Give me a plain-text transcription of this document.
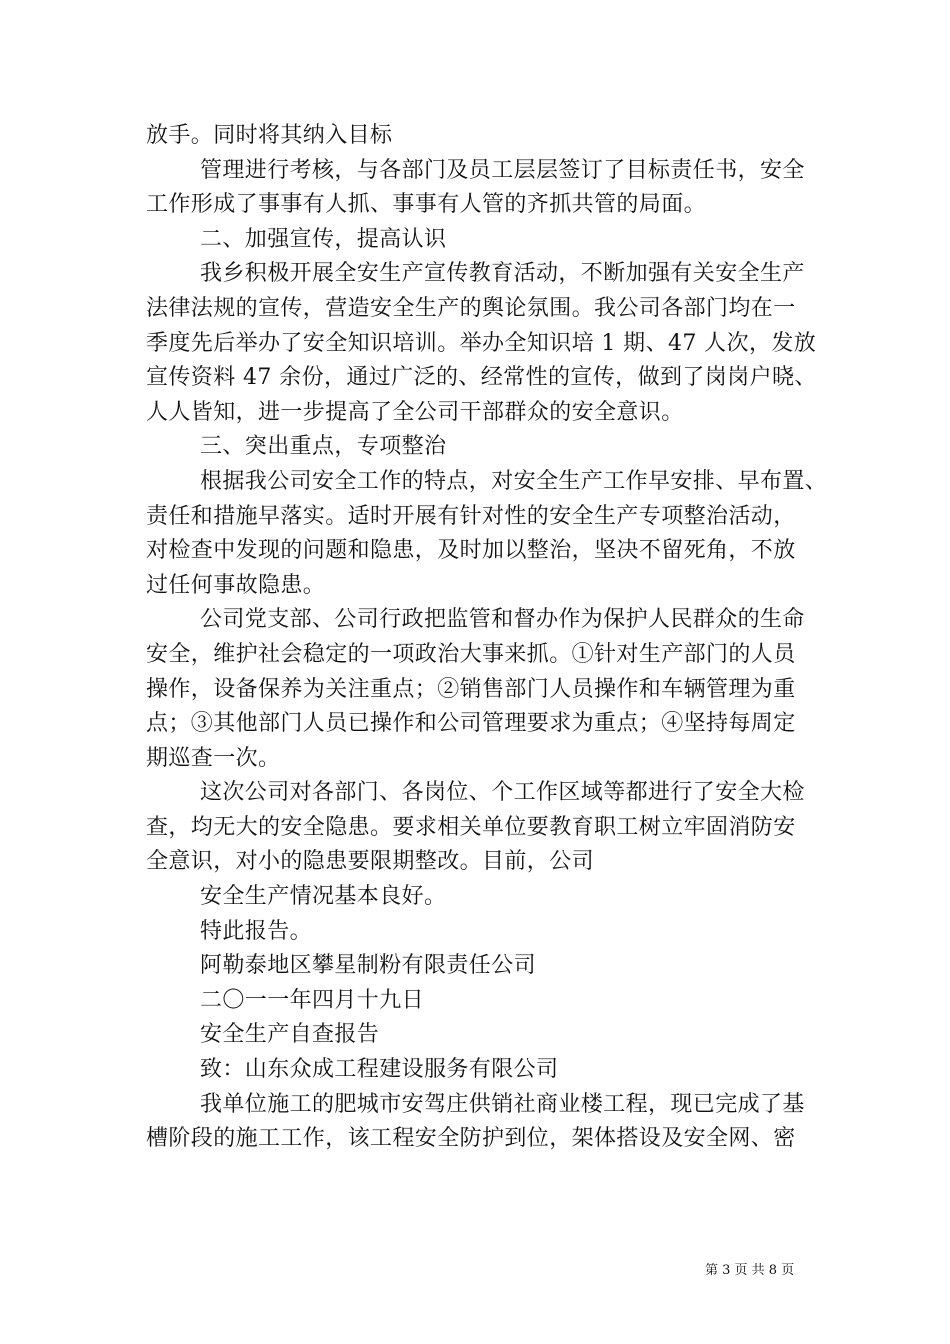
放手。同时将其纳入目标
管理进行考核，与各部门及员工层层签订了目标责任书，安全
工作形成了事事有人抓、事事有人管的齐抓共管的局面。
二、加强宣传，提高认识
我乡积极开展全安生产宣传教育活动，不断加强有关安全生产
法律法规的宣传，营造安全生产的舆论氛围。我公司各部门均在一
季度先后举办了安全知识培训。举办全知识培 1 期、47 人次，发放
宣传资料 47 余份，通过广泛的、经常性的宣传，做到了岗岗户晓、
人人皆知，进一步提高了全公司干部群众的安全意识。
三、突出重点，专项整治
根据我公司安全工作的特点，对安全生产工作早安排、早布置、
责任和措施早落实。适时开展有针对性的安全生产专项整治活动，
对检查中发现的问题和隐患，及时加以整治，坚决不留死角，不放
过任何事故隐患。
公司党支部、公司行政把监管和督办作为保护人民群众的生命
安全，维护社会稳定的一项政治大事来抓。①针对生产部门的人员
操作，设备保养为关注重点；②销售部门人员操作和车辆管理为重
点；③其他部门人员已操作和公司管理要求为重点；④坚持每周定
期巡查一次。
这次公司对各部门、各岗位、个工作区域等都进行了安全大检
查，均无大的安全隐患。要求相关单位要教育职工树立牢固消防安
全意识，对小的隐患要限期整改。目前，公司
安全生产情况基本良好。
特此报告。
阿勒泰地区攀星制粉有限责任公司
二〇一一年四月十九日
安全生产自查报告
致：山东众成工程建设服务有限公司
我单位施工的肥城市安驾庄供销社商业楼工程，现已完成了基
槽阶段的施工工作，该工程安全防护到位，架体搭设及安全网、密
第 3 页 共 8 页
